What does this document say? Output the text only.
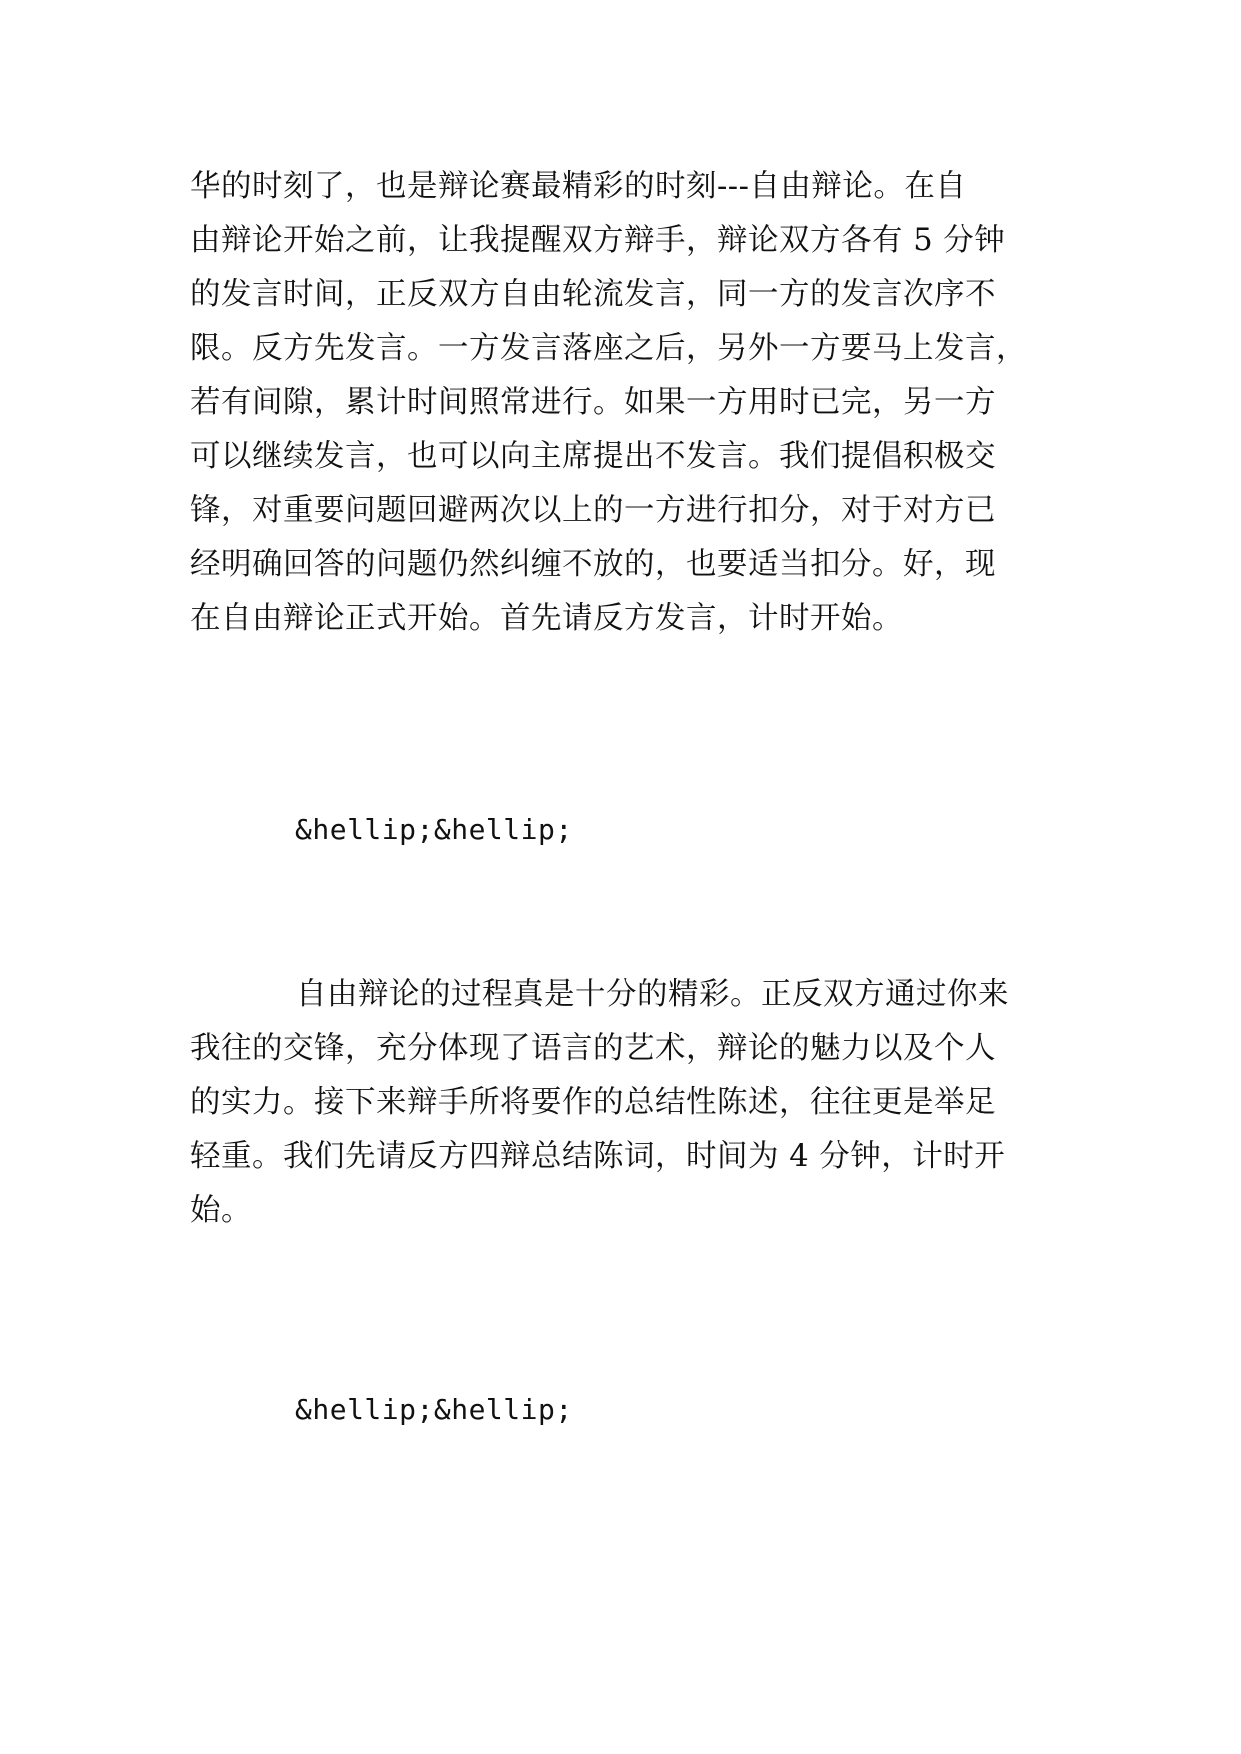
华的时刻了，也是辩论赛最精彩的时刻---自由辩论。在自
由辩论开始之前，让我提醒双方辩手，辩论双方各有 5 分钟
的发言时间，正反双方自由轮流发言，同一方的发言次序不
限。反方先发言。一方发言落座之后，另外一方要马上发言，
若有间隙，累计时间照常进行。如果一方用时已完，另一方
可以继续发言，也可以向主席提出不发言。我们提倡积极交
锋，对重要问题回避两次以上的一方进行扣分，对于对方已
经明确回答的问题仍然纠缠不放的，也要适当扣分。好，现
在自由辩论正式开始。首先请反方发言，计时开始。
&hellip;&hellip;
自由辩论的过程真是十分的精彩。正反双方通过你来
我往的交锋，充分体现了语言的艺术，辩论的魅力以及个人
的实力。接下来辩手所将要作的总结性陈述，往往更是举足
轻重。我们先请反方四辩总结陈词，时间为 4 分钟，计时开
始。
&hellip;&hellip;
